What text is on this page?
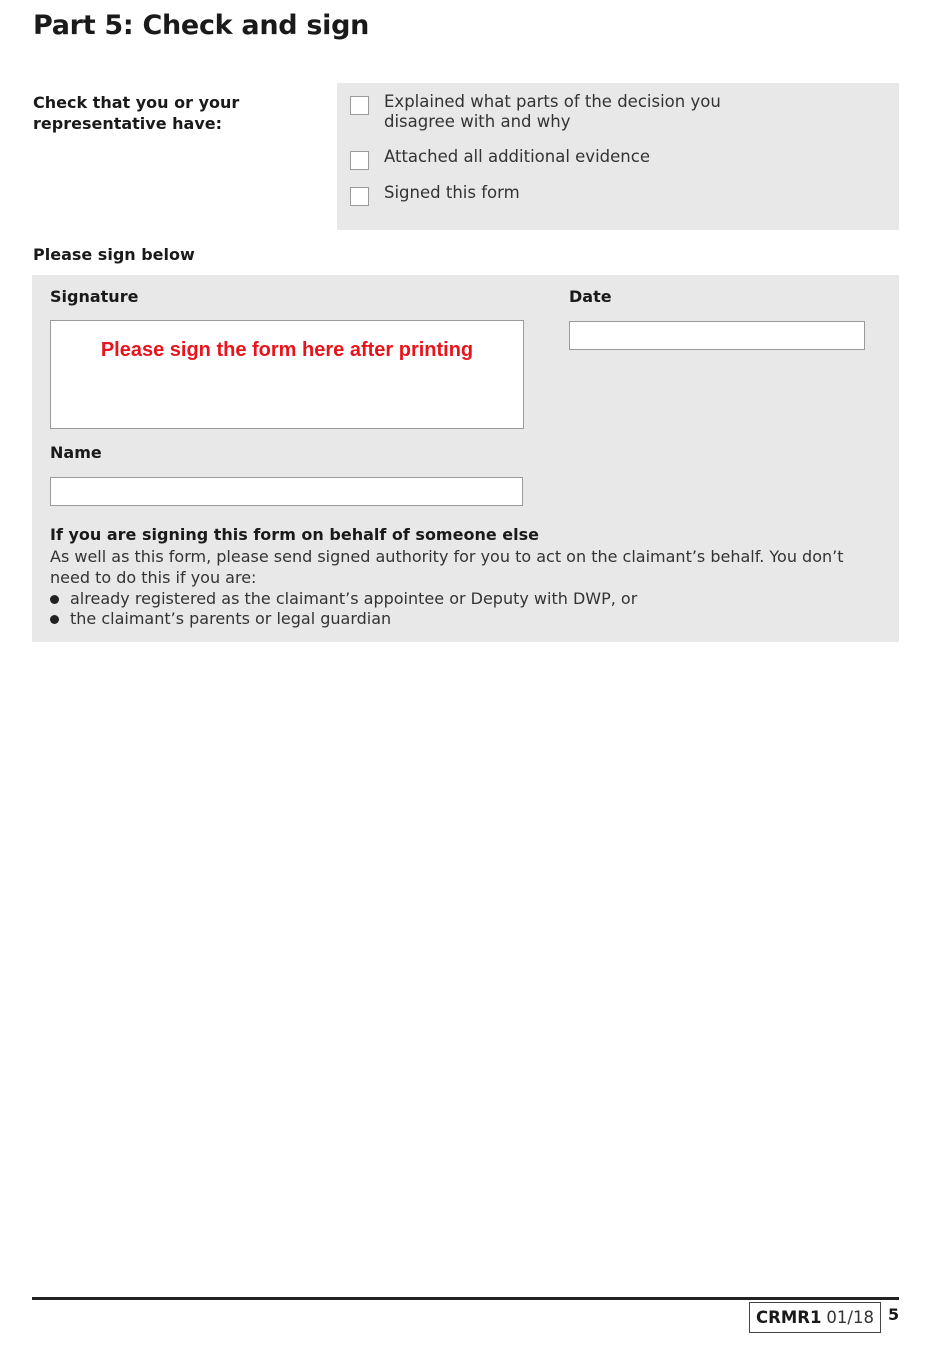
Part 5: Check and sign
Check that you or your representative have:
Explained what parts of the decision you disagree with and why
Attached all additional evidence
Signed this form
Please sign below
Signature
Please sign the form here after printing
Date
Name
If you are signing this form on behalf of someone else
As well as this form, please send signed authority for you to act on the claimant’s behalf. You don’t need to do this if you are:
already registered as the claimant’s appointee or Deputy with DWP, or
the claimant’s parents or legal guardian
CRMR1 01/18 5
